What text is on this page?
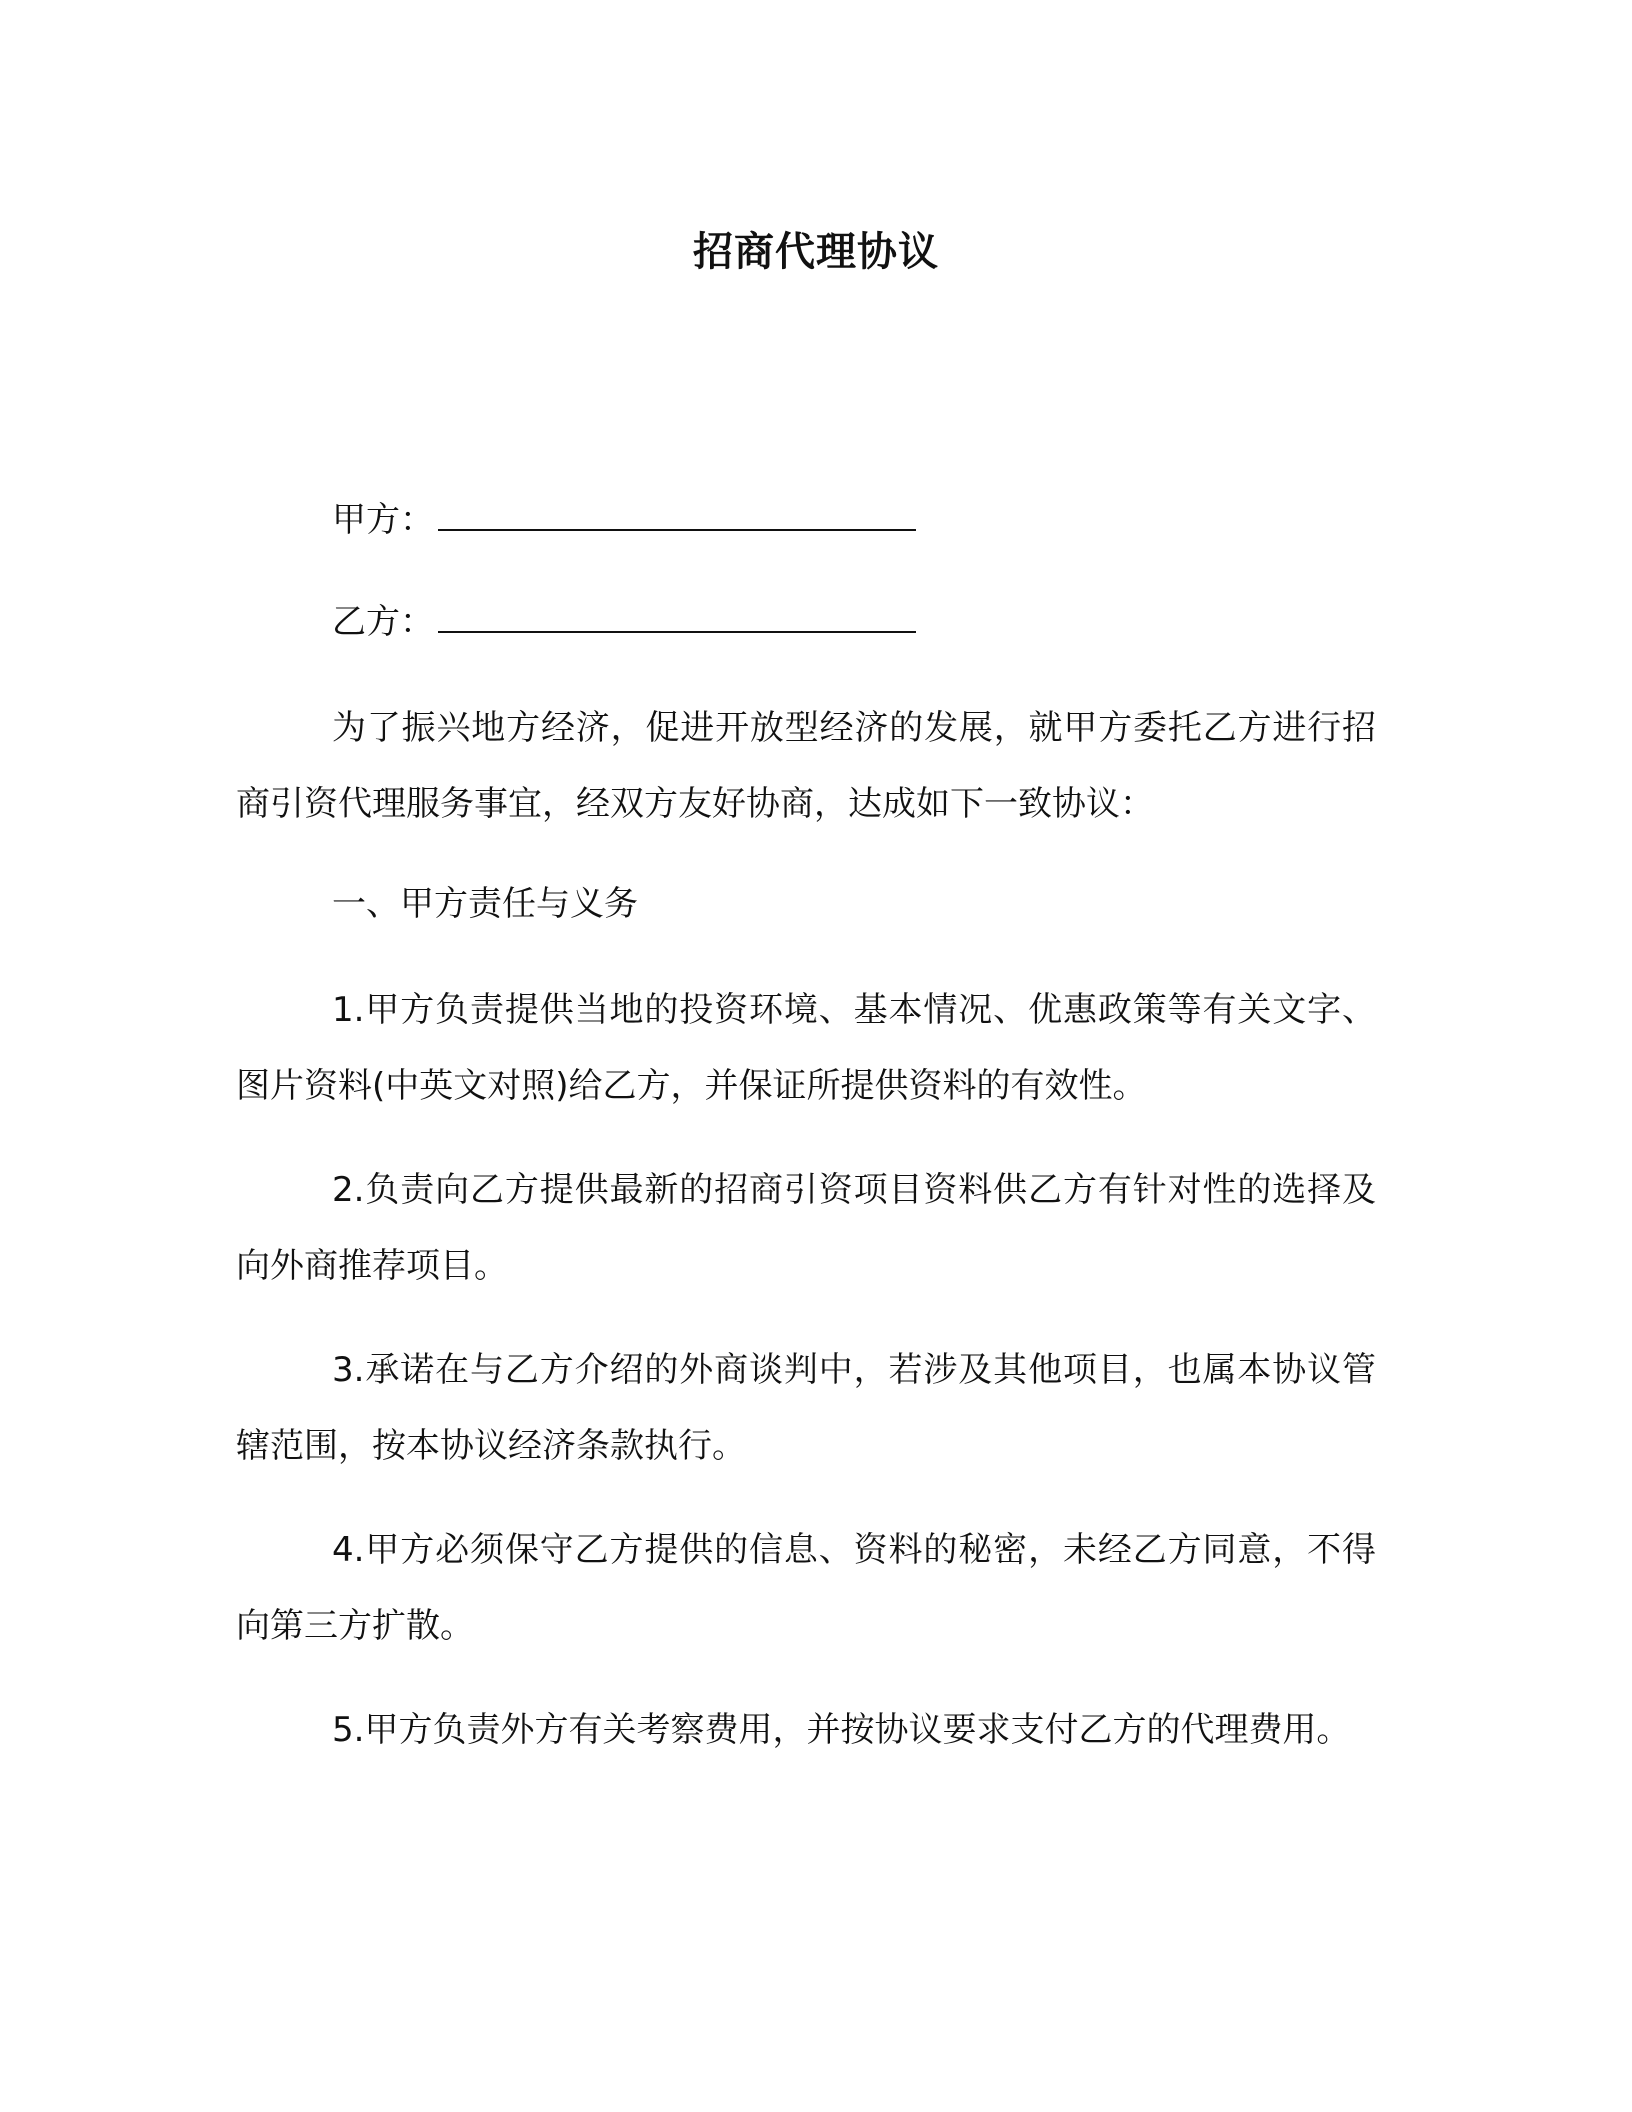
招商代理协议
甲方：
乙方：
为了振兴地方经济，促进开放型经济的发展，就甲方委托乙方进行招商引资代理服务事宜，经双方友好协商，达成如下一致协议：
一、甲方责任与义务
1.甲方负责提供当地的投资环境、基本情况、优惠政策等有关文字、图片资料(中英文对照)给乙方，并保证所提供资料的有效性。
2.负责向乙方提供最新的招商引资项目资料供乙方有针对性的选择及向外商推荐项目。
3.承诺在与乙方介绍的外商谈判中，若涉及其他项目，也属本协议管辖范围，按本协议经济条款执行。
4.甲方必须保守乙方提供的信息、资料的秘密，未经乙方同意，不得向第三方扩散。
5.甲方负责外方有关考察费用，并按协议要求支付乙方的代理费用。
